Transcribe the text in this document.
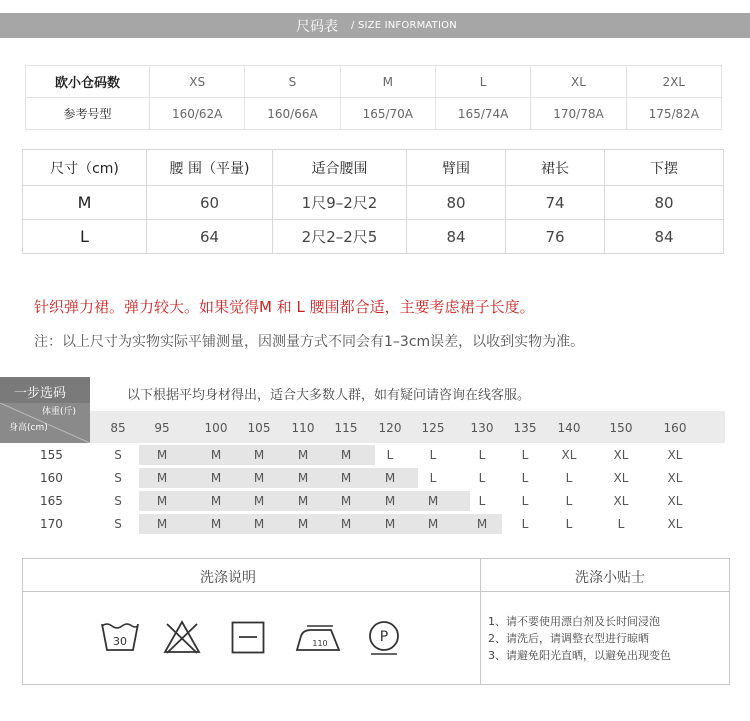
尺码表 / SIZE INFORMATION
欧小仓码数	XS	S	M	L	XL	2XL
参考号型	160/62A	160/66A	165/70A	165/74A	170/78A	175/82A
尺寸（cm)	腰 围（平量)	适合腰围	臂围	裙长	下摆
M	60	1尺9–2尺2	80	74	80
L	64	2尺2–2尺5	84	76	84
针织弹力裙。弹力较大。如果觉得M 和 L 腰围都合适，主要考虑裙子长度。
注：以上尺寸为实物实际平铺测量，因测量方式不同会有1–3cm误差，以收到实物为准。
一步选码
体重(斤)
身高(cm)
以下根据平均身材得出，适合大多数人群，如有疑问请咨询在线客服。
85 95	100 105 110 115 120 125 130 135 140 150	160
155	S	M	M	M	M	M	L	L	L	L	XL	XL	XL
160	S	M	M	M	M	M	M	L	L	L	L	XL	XL
165	S	M	M	M	M	M	M	M	L	L	L	XL	XL
170	S	M	M	M	M	M	M	M	M	L	L	L	XL
洗涤说明	洗涤小贴士
30	110	P
1、请不要使用漂白剂及长时间浸泡
2、请洗后，请调整衣型进行晾晒
3、请避免阳光直晒，以避免出现变色
